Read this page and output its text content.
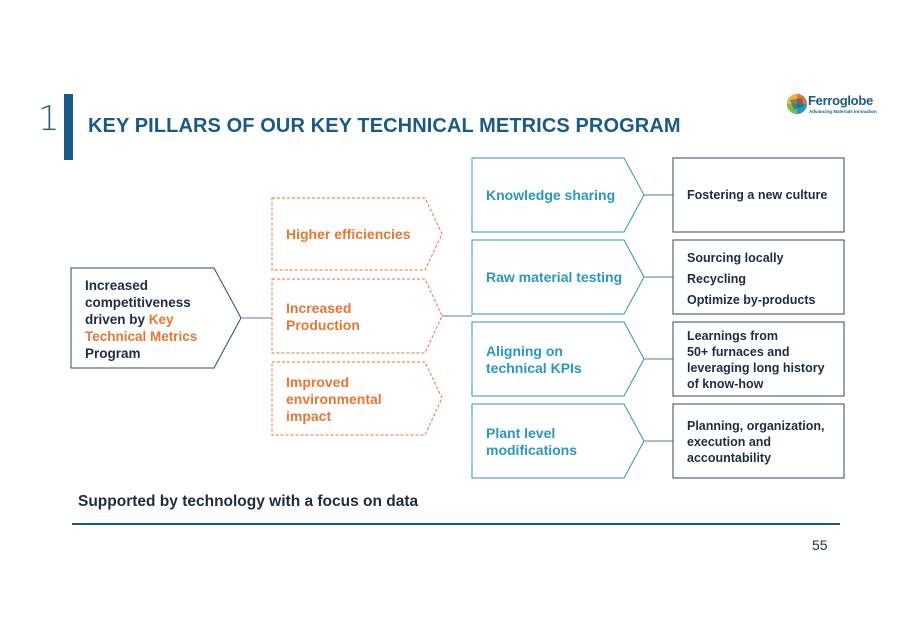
1 KEY PILLARS OF OUR KEY TECHNICAL METRICS PROGRAM
Ferroglobe
Advancing Materials Innovation
Increased
competitiveness
driven by Key
Technical Metrics
Program
Higher efficiencies
Increased
Production
Improved
environmental
impact
Knowledge sharing
Raw material testing
Aligning on
technical KPIs
Plant level
modifications
Fostering a new culture
Sourcing locally
Recycling
Optimize by-products
Learnings from
50+ furnaces and
leveraging long history
of know-how
Planning, organization,
execution and
accountability
Supported by technology with a focus on data
55
